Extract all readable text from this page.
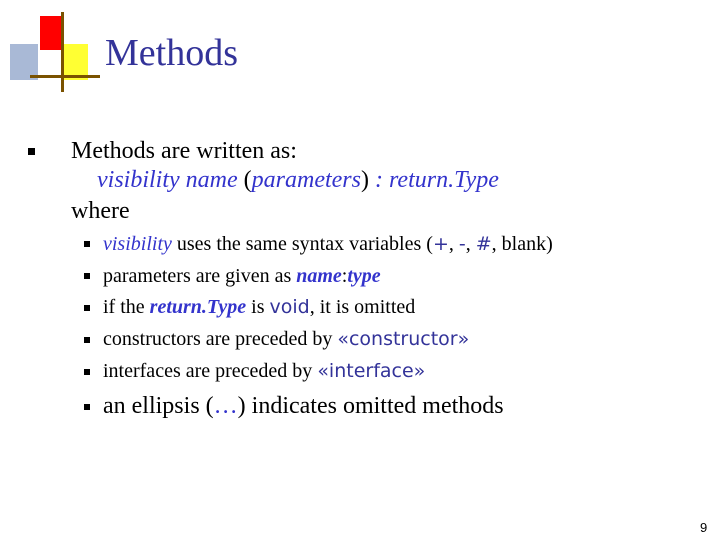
Methods
Methods are written as:
visibility name (parameters) : return.Type
where
visibility uses the same syntax variables (+, -, #, blank)
parameters are given as name:type
if the return.Type is void, it is omitted
constructors are preceded by «constructor»
interfaces are preceded by «interface»
an ellipsis (…) indicates omitted methods
9
